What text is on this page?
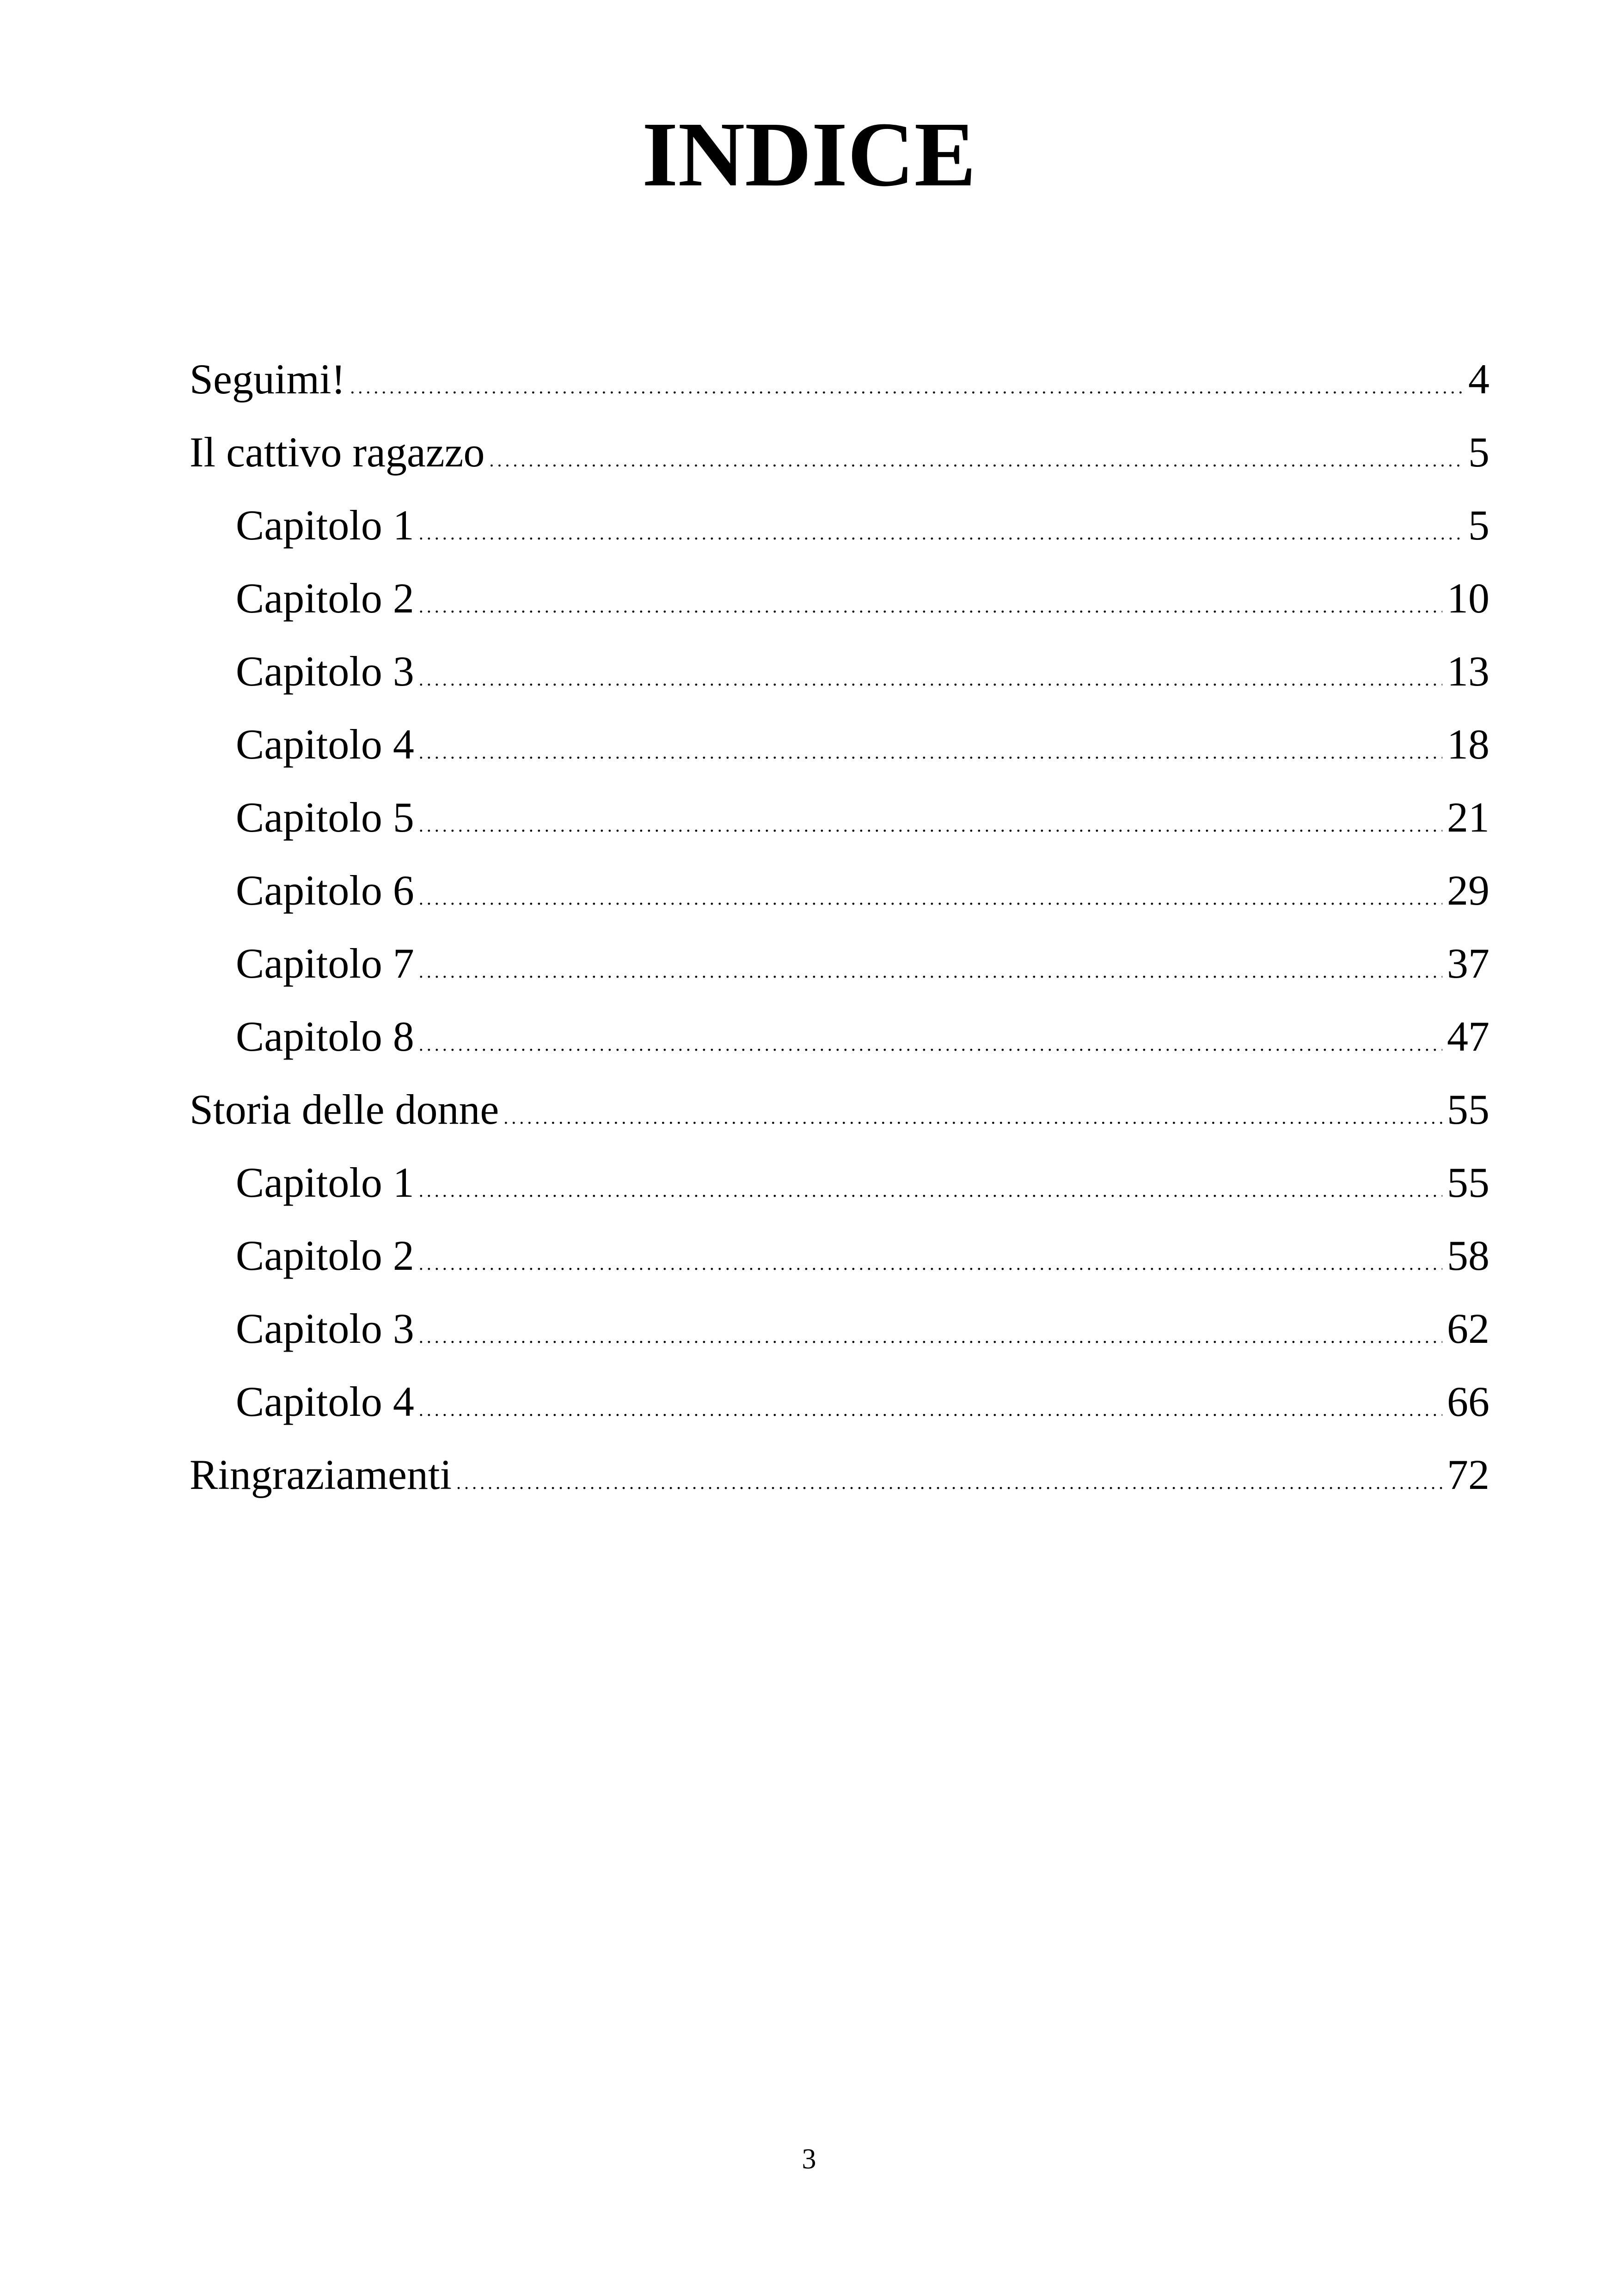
INDICE
Seguimi! .....	4
Il cattivo ragazzo .....	5
Capitolo 1 .....	5
Capitolo 2 .....	10
Capitolo 3 .....	13
Capitolo 4 .....	18
Capitolo 5 .....	21
Capitolo 6 .....	29
Capitolo 7 .....	37
Capitolo 8 .....	47
Storia delle donne .....	55
Capitolo 1 .....	55
Capitolo 2 .....	58
Capitolo 3 .....	62
Capitolo 4 .....	66
Ringraziamenti .....	72
3
